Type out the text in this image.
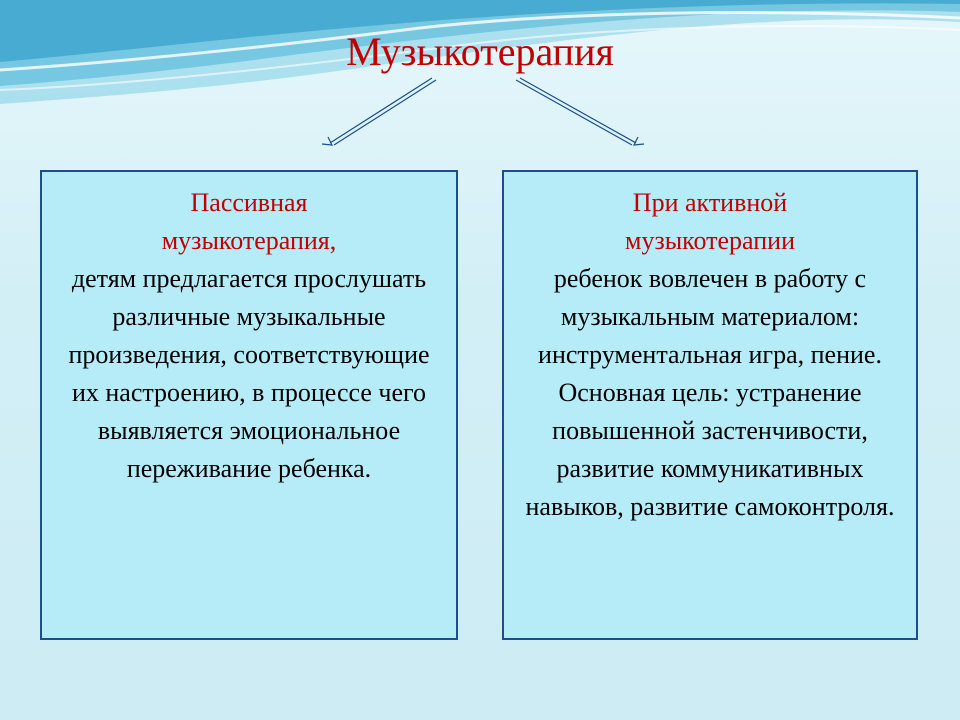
Музыкотерапия
Пассивная музыкотерапия,
детям предлагается прослушать различные музыкальные произведения, соответствующие их настроению, в процессе чего выявляется эмоциональное переживание ребенка.
При активной музыкотерапии
ребенок вовлечен в работу с музыкальным материалом: инструментальная игра, пение. Основная цель: устранение повышенной застенчивости, развитие коммуникативных навыков, развитие самоконтроля.
